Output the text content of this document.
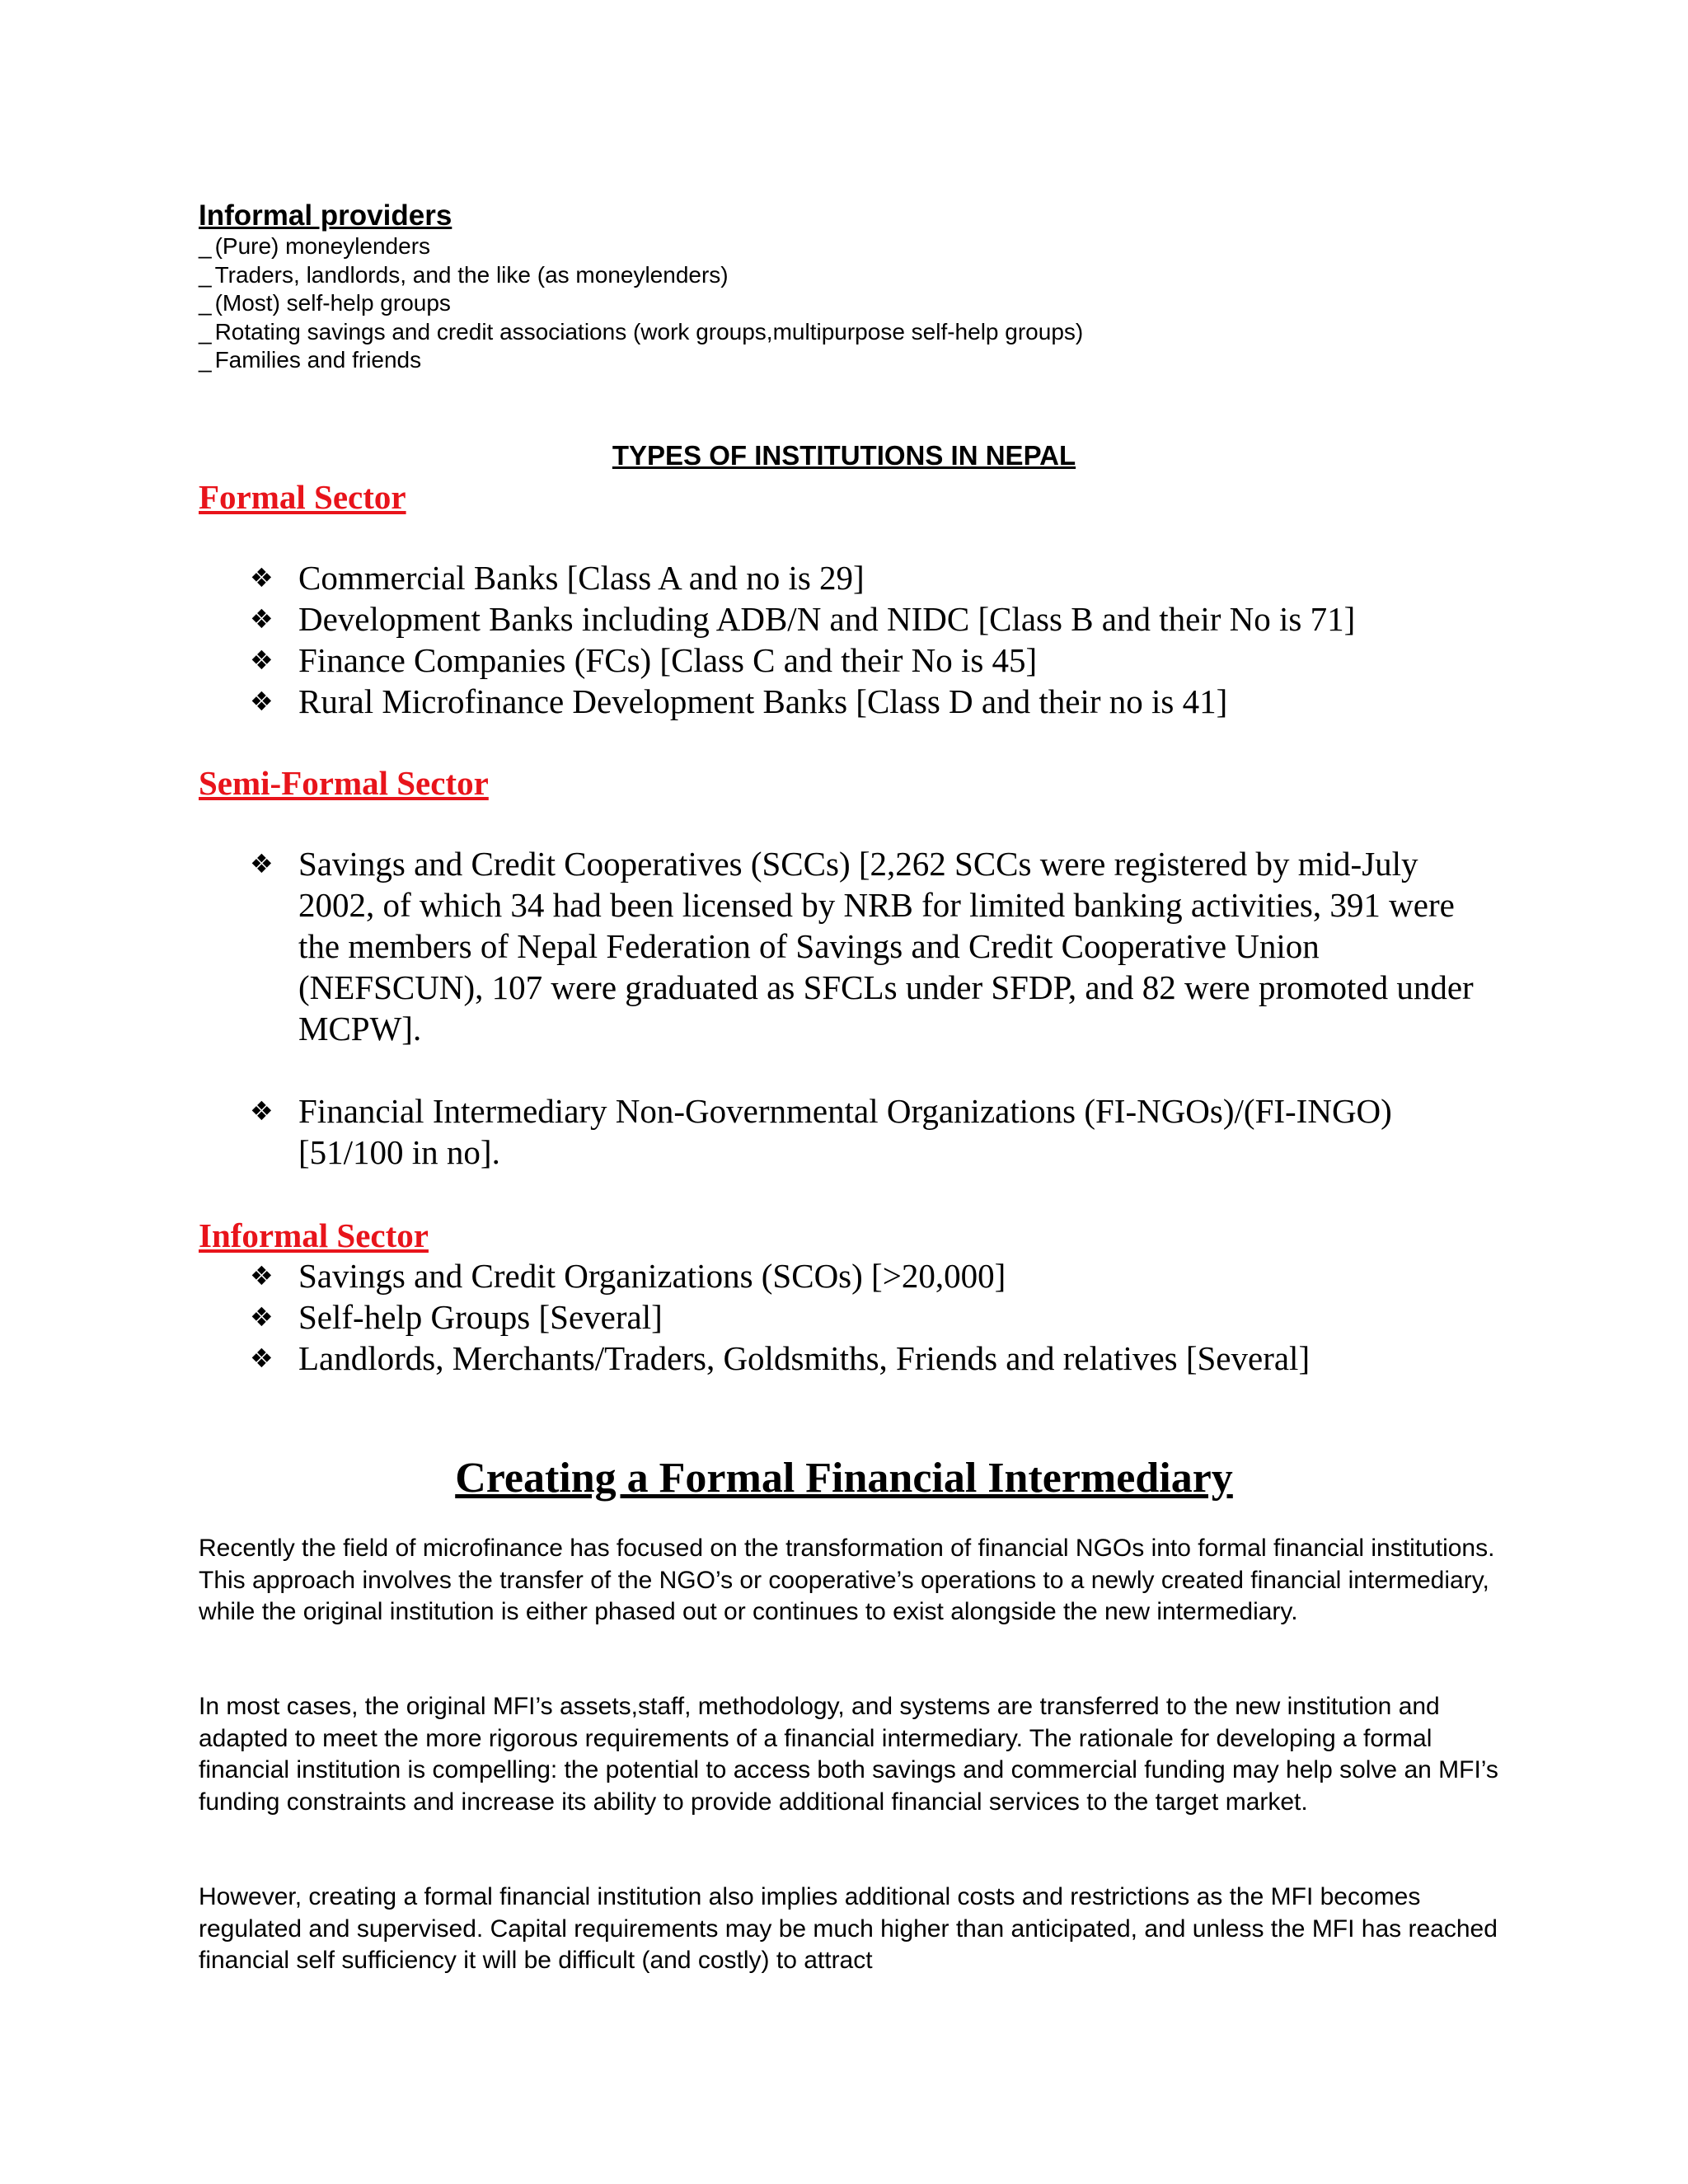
Informal providers
_ (Pure) moneylenders
_ Traders, landlords, and the like (as moneylenders)
_ (Most) self-help groups
_ Rotating savings and credit associations (work groups,multipurpose self-help groups)
_ Families and friends
TYPES OF INSTITUTIONS IN NEPAL
Formal Sector
❖ Commercial Banks [Class A and no is 29]
❖ Development Banks including ADB/N and NIDC [Class B and their No is 71]
❖ Finance Companies (FCs) [Class C and their No is 45]
❖ Rural Microfinance Development Banks [Class D and their no is 41]
Semi-Formal Sector
❖ Savings and Credit Cooperatives (SCCs) [2,262 SCCs were registered by mid-July 2002, of which 34 had been licensed by NRB for limited banking activities, 391 were the members of Nepal Federation of Savings and Credit Cooperative Union (NEFSCUN), 107 were graduated as SFCLs under SFDP, and 82 were promoted under MCPW].
❖ Financial Intermediary Non-Governmental Organizations (FI-NGOs)/(FI-INGO) [51/100 in no].
Informal Sector
❖ Savings and Credit Organizations (SCOs) [>20,000]
❖ Self-help Groups [Several]
❖ Landlords, Merchants/Traders, Goldsmiths, Friends and relatives [Several]
Creating a Formal Financial Intermediary

Recently the field of microfinance has focused on the transformation of financial NGOs into formal financial institutions. This approach involves the transfer of the NGO’s or cooperative’s operations to a newly created financial intermediary, while the original institution is either phased out or continues to exist alongside the new intermediary.

In most cases, the original MFI’s assets,staff, methodology, and systems are transferred to the new institution and adapted to meet the more rigorous requirements of a financial intermediary. The rationale for developing a formal financial institution is compelling: the potential to access both savings and commercial funding may help solve an MFI’s funding constraints and increase its ability to provide additional financial services to the target market.

However, creating a formal financial institution also implies additional costs and restrictions as the MFI becomes regulated and supervised. Capital requirements may be much higher than anticipated, and unless the MFI has reached financial self sufficiency it will be difficult (and costly) to attract
